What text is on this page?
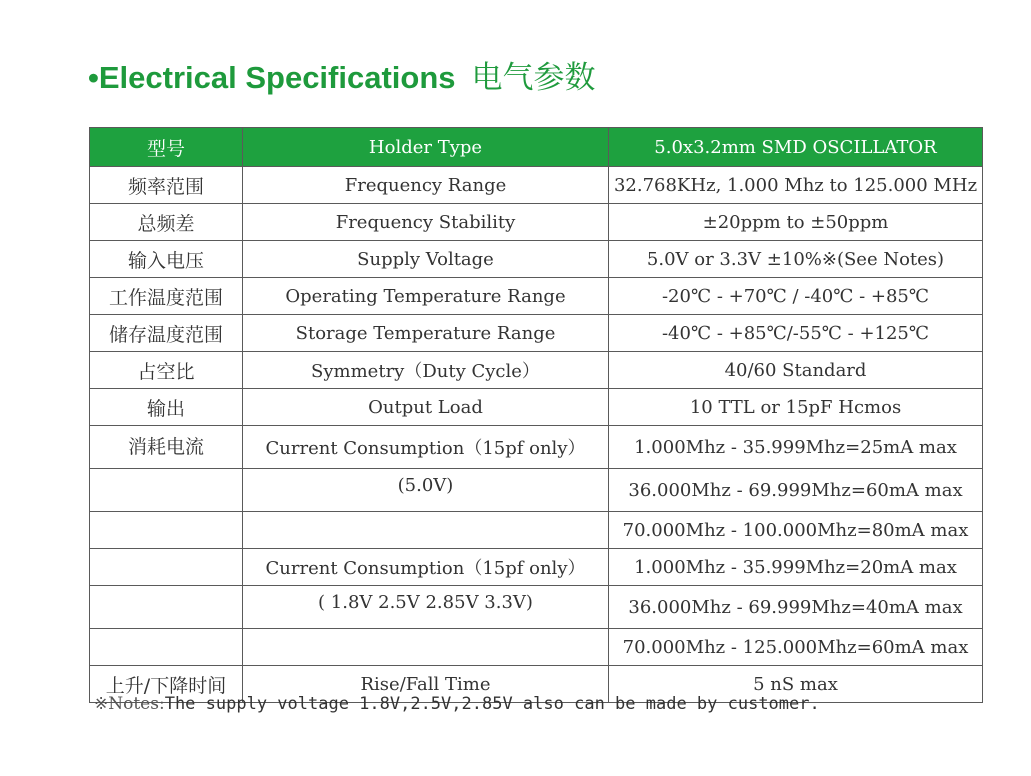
•Electrical Specifications 电气参数
型号	Holder Type	5.0x3.2mm SMD OSCILLATOR
频率范围	Frequency Range	32.768KHz, 1.000 Mhz to 125.000 MHz
总频差	Frequency Stability	±20ppm to ±50ppm
输入电压	Supply Voltage	5.0V or 3.3V ±10%※(See Notes)
工作温度范围	Operating Temperature Range	-20℃ - +70℃ / -40℃ - +85℃
储存温度范围	Storage Temperature Range	-40℃ - +85℃/-55℃ - +125℃
占空比	Symmetry（Duty Cycle）	40/60 Standard
输出	Output Load	10 TTL or 15pF Hcmos
消耗电流	Current Consumption（15pf only）	1.000Mhz - 35.999Mhz=25mA max
	(5.0V)	36.000Mhz - 69.999Mhz=60mA max
		70.000Mhz - 100.000Mhz=80mA max
	Current Consumption（15pf only）	1.000Mhz - 35.999Mhz=20mA max
	( 1.8V 2.5V 2.85V 3.3V)	36.000Mhz - 69.999Mhz=40mA max
		70.000Mhz - 125.000Mhz=60mA max
上升/下降时间	Rise/Fall Time	5 nS max
※Notes:The supply voltage 1.8V,2.5V,2.85V also can be made by customer.
